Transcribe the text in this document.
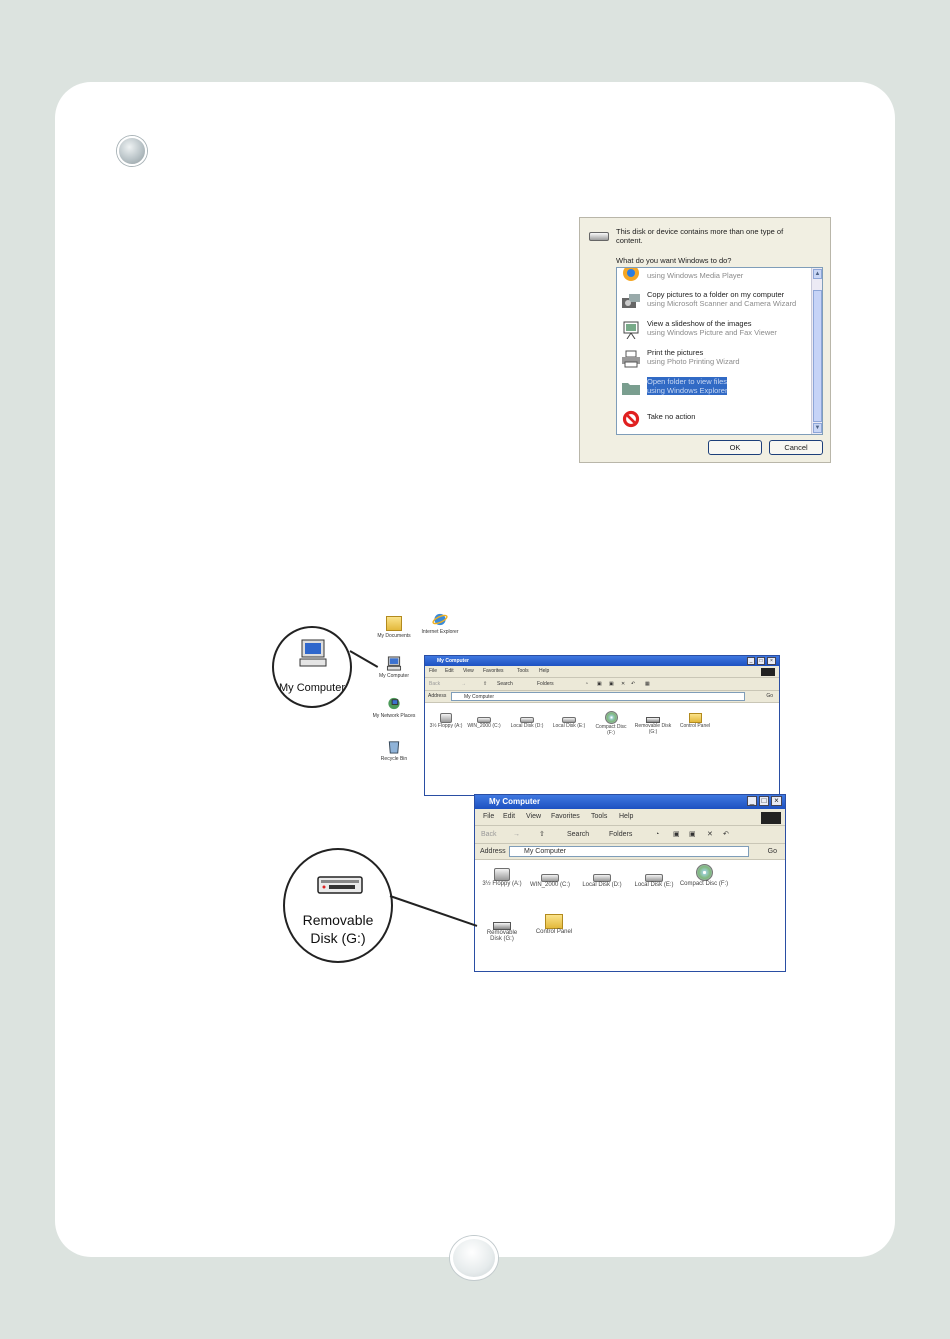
This disk or device contains more than one type of content.
What do you want Windows to do?
using Windows Media Player
Copy pictures to a folder on my computer
using Microsoft Scanner and Camera Wizard
View a slideshow of the images
using Windows Picture and Fax Viewer
Print the pictures
using Photo Printing Wizard
Open folder to view files
using Windows Explorer
Take no action
▲
▼
OK	Cancel
My Documents
Internet Explorer
My Computer
My Network Places
Recycle Bin
My Computer	_	□	×
File Edit View Favorites	Tools Help
Back	→	⇧ Search	Folders	◔ ▣ ▣ ✕ ↶ ▦
Address	My Computer	Go
3½ Floppy (A:) WIN_2000 (C:)	Local Disk (D:)	Local Disk (E:)	Compact Disc (F:)
Removable Disk (G:)
Control Panel
My Computer
My Computer	_ □ ×
File Edit View Favorites Tools Help
Back →	⇧	Search	Folders	◔ ▣ ▣ ✕ ↶
Address	My Computer	Go
3½ Floppy (A:) WIN_2000 (C:)	Local Disk (D:)	Local Disk (E:)	Compact Disc (F:)
Removable Disk (G:)
Control Panel
Removable
Disk (G:)
